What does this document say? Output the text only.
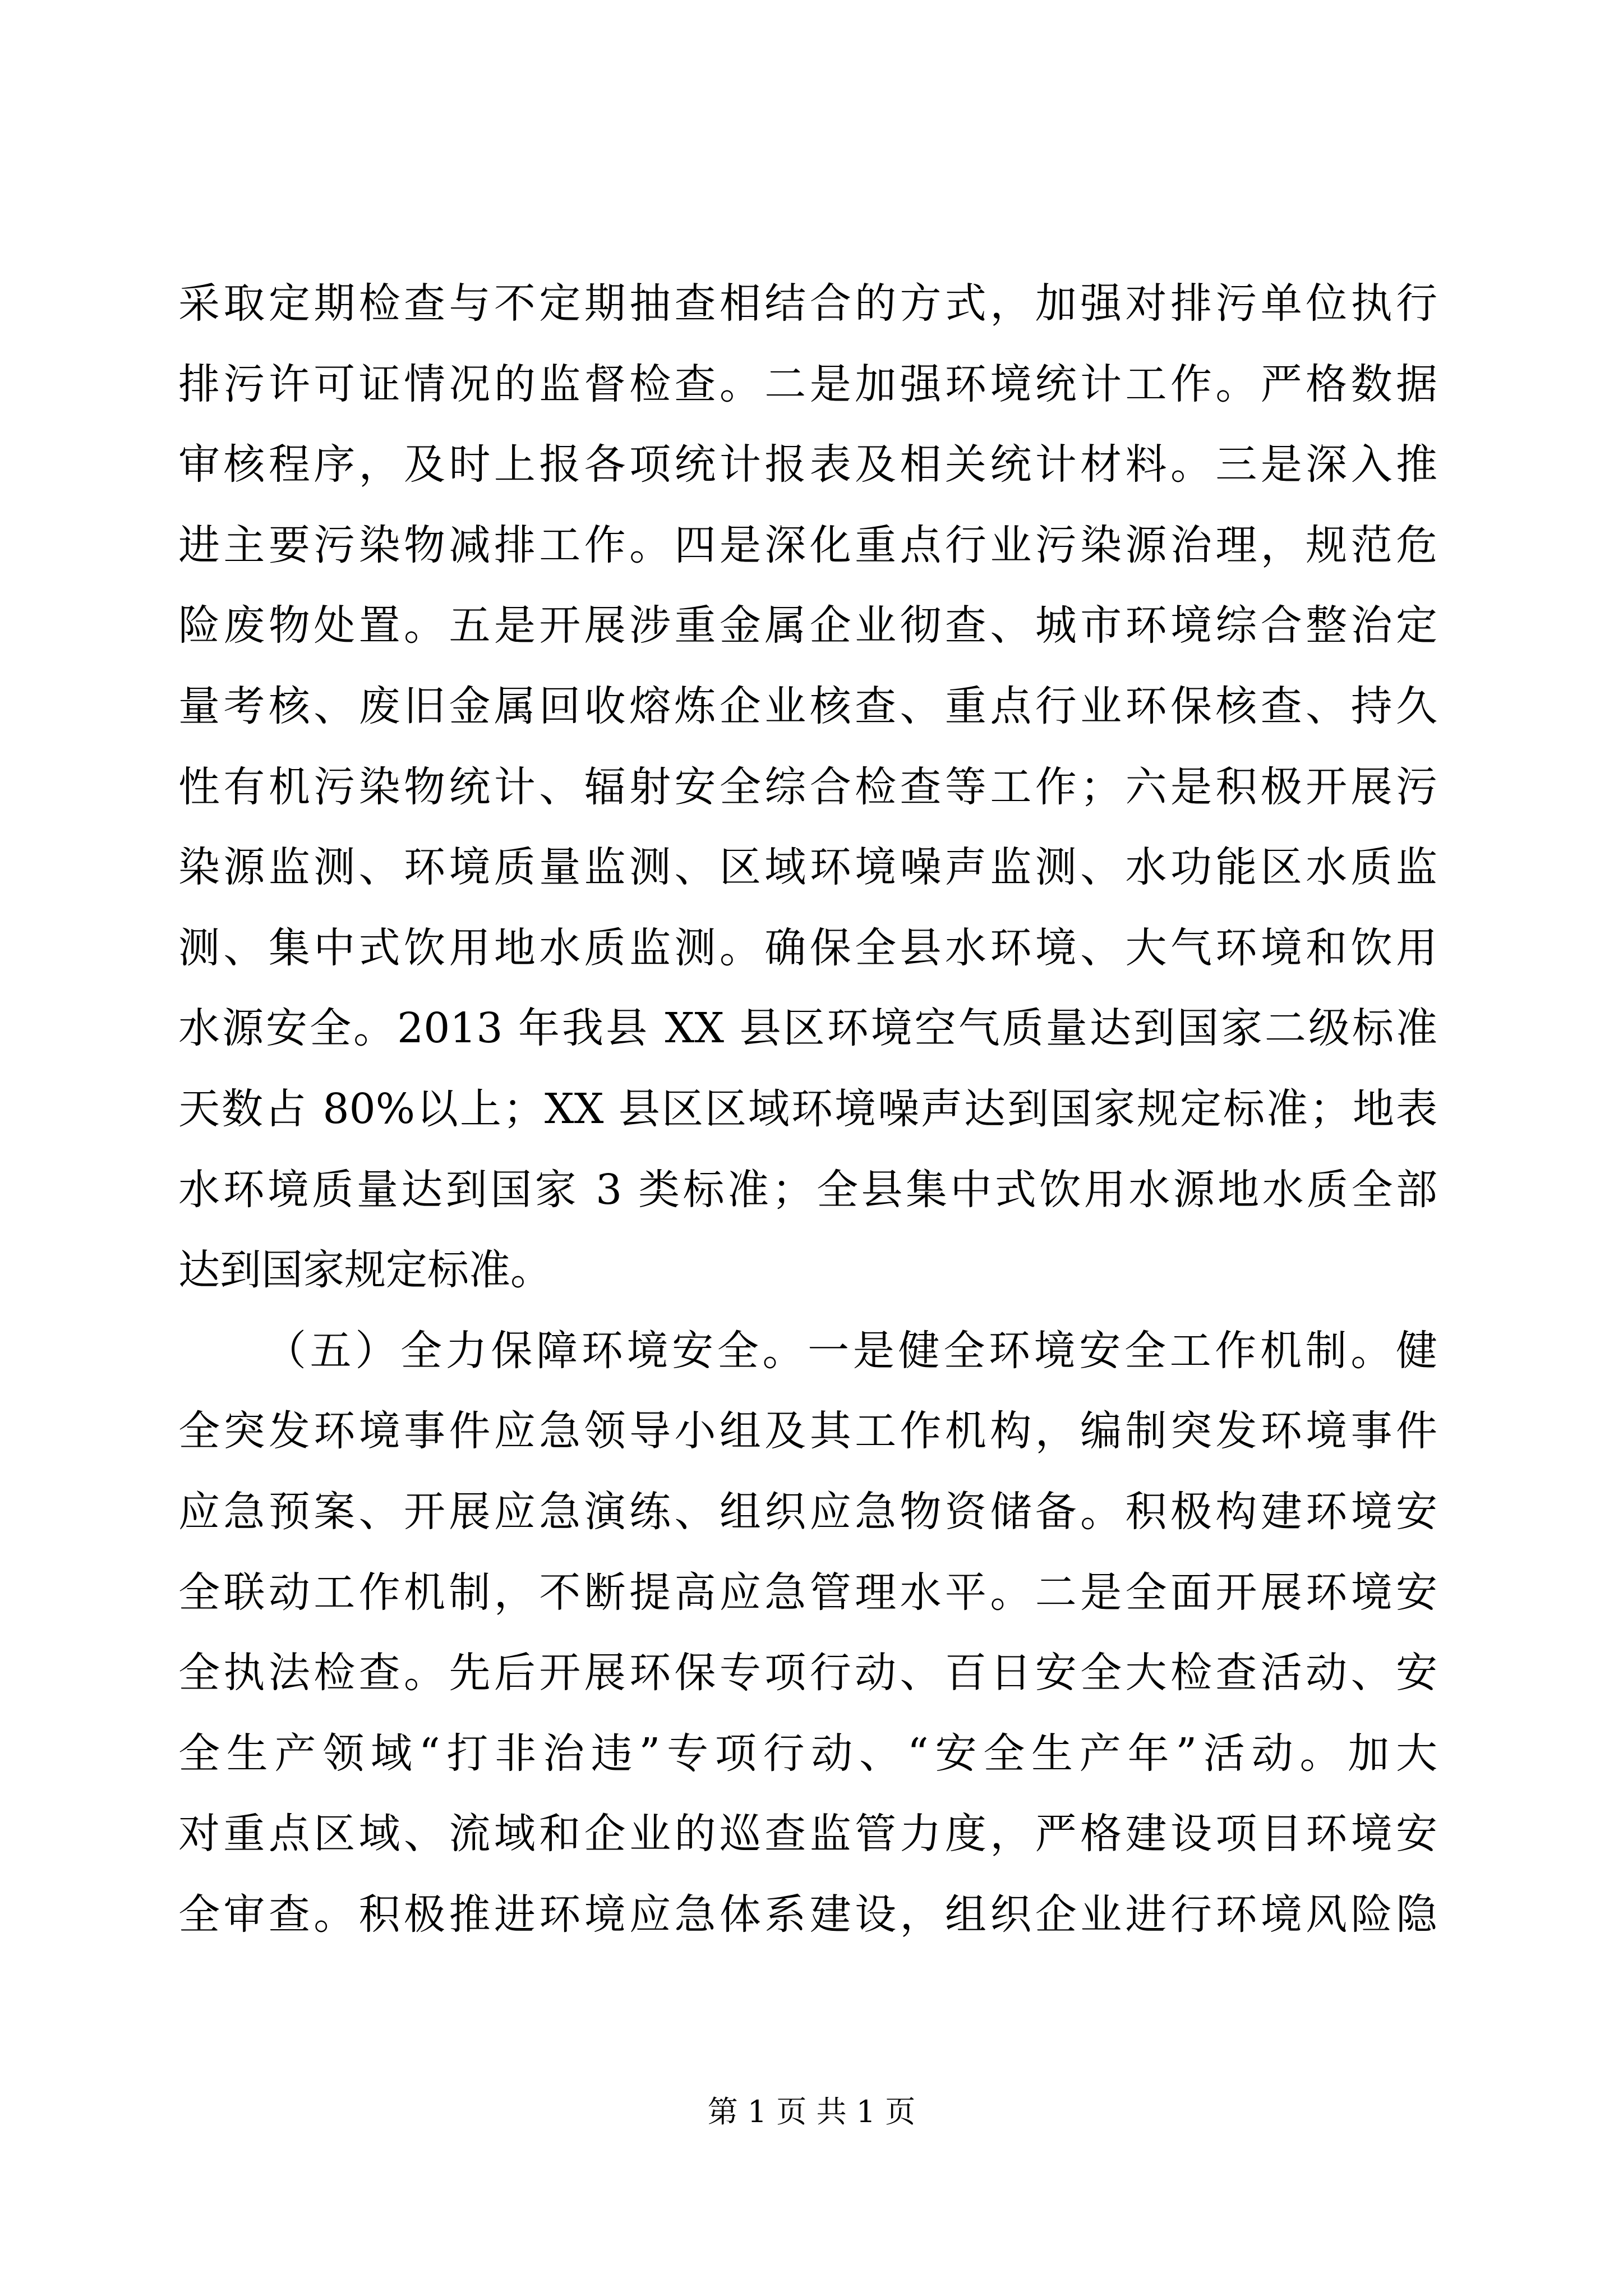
采取定期检查与不定期抽查相结合的方式，加强对排污单位执行
排污许可证情况的监督检查。二是加强环境统计工作。严格数据
审核程序，及时上报各项统计报表及相关统计材料。三是深入推
进主要污染物减排工作。四是深化重点行业污染源治理，规范危
险废物处置。五是开展涉重金属企业彻查、城市环境综合整治定
量考核、废旧金属回收熔炼企业核查、重点行业环保核查、持久
性有机污染物统计、辐射安全综合检查等工作；六是积极开展污
染源监测、环境质量监测、区域环境噪声监测、水功能区水质监
测、集中式饮用地水质监测。确保全县水环境、大气环境和饮用
水源安全。2013 年我县 XX 县区环境空气质量达到国家二级标准
天数占 80%以上；XX 县区区域环境噪声达到国家规定标准；地表
水环境质量达到国家 3 类标准；全县集中式饮用水源地水质全部
达到国家规定标准。
（五）全力保障环境安全。一是健全环境安全工作机制。健
全突发环境事件应急领导小组及其工作机构，编制突发环境事件
应急预案、开展应急演练、组织应急物资储备。积极构建环境安
全联动工作机制，不断提高应急管理水平。二是全面开展环境安
全执法检查。先后开展环保专项行动、百日安全大检查活动、安
全生产领域“打非治违”专项行动、“安全生产年”活动。加大
对重点区域、流域和企业的巡查监管力度，严格建设项目环境安
全审查。积极推进环境应急体系建设，组织企业进行环境风险隐
第 1 页 共 1 页
